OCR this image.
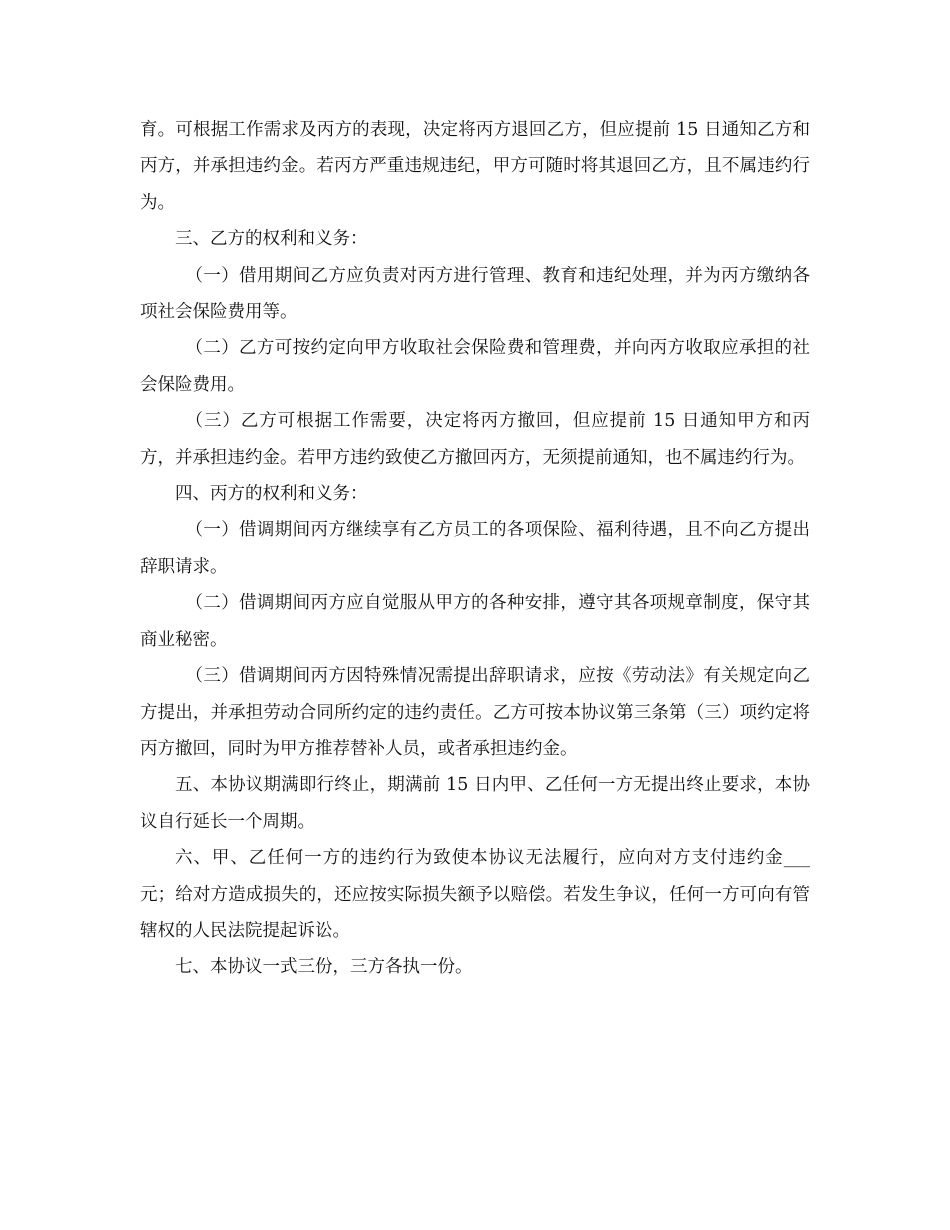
育。可根据工作需求及丙方的表现，决定将丙方退回乙方，但应提前 15 日通知乙方和丙方，并承担违约金。若丙方严重违规违纪，甲方可随时将其退回乙方，且不属违约行为。

三、乙方的权利和义务：

（一）借用期间乙方应负责对丙方进行管理、教育和违纪处理，并为丙方缴纳各项社会保险费用等。

（二）乙方可按约定向甲方收取社会保险费和管理费，并向丙方收取应承担的社会保险费用。

（三）乙方可根据工作需要，决定将丙方撤回，但应提前 15 日通知甲方和丙方，并承担违约金。若甲方违约致使乙方撤回丙方，无须提前通知，也不属违约行为。

四、丙方的权利和义务：

（一）借调期间丙方继续享有乙方员工的各项保险、福利待遇，且不向乙方提出辞职请求。

（二）借调期间丙方应自觉服从甲方的各种安排，遵守其各项规章制度，保守其商业秘密。

（三）借调期间丙方因特殊情况需提出辞职请求，应按《劳动法》有关规定向乙方提出，并承担劳动合同所约定的违约责任。乙方可按本协议第三条第（三）项约定将丙方撤回，同时为甲方推荐替补人员，或者承担违约金。

五、本协议期满即行终止，期满前 15 日内甲、乙任何一方无提出终止要求，本协议自行延长一个周期。

六、甲、乙任何一方的违约行为致使本协议无法履行，应向对方支付违约金___元；给对方造成损失的，还应按实际损失额予以赔偿。若发生争议，任何一方可向有管辖权的人民法院提起诉讼。

七、本协议一式三份，三方各执一份。
